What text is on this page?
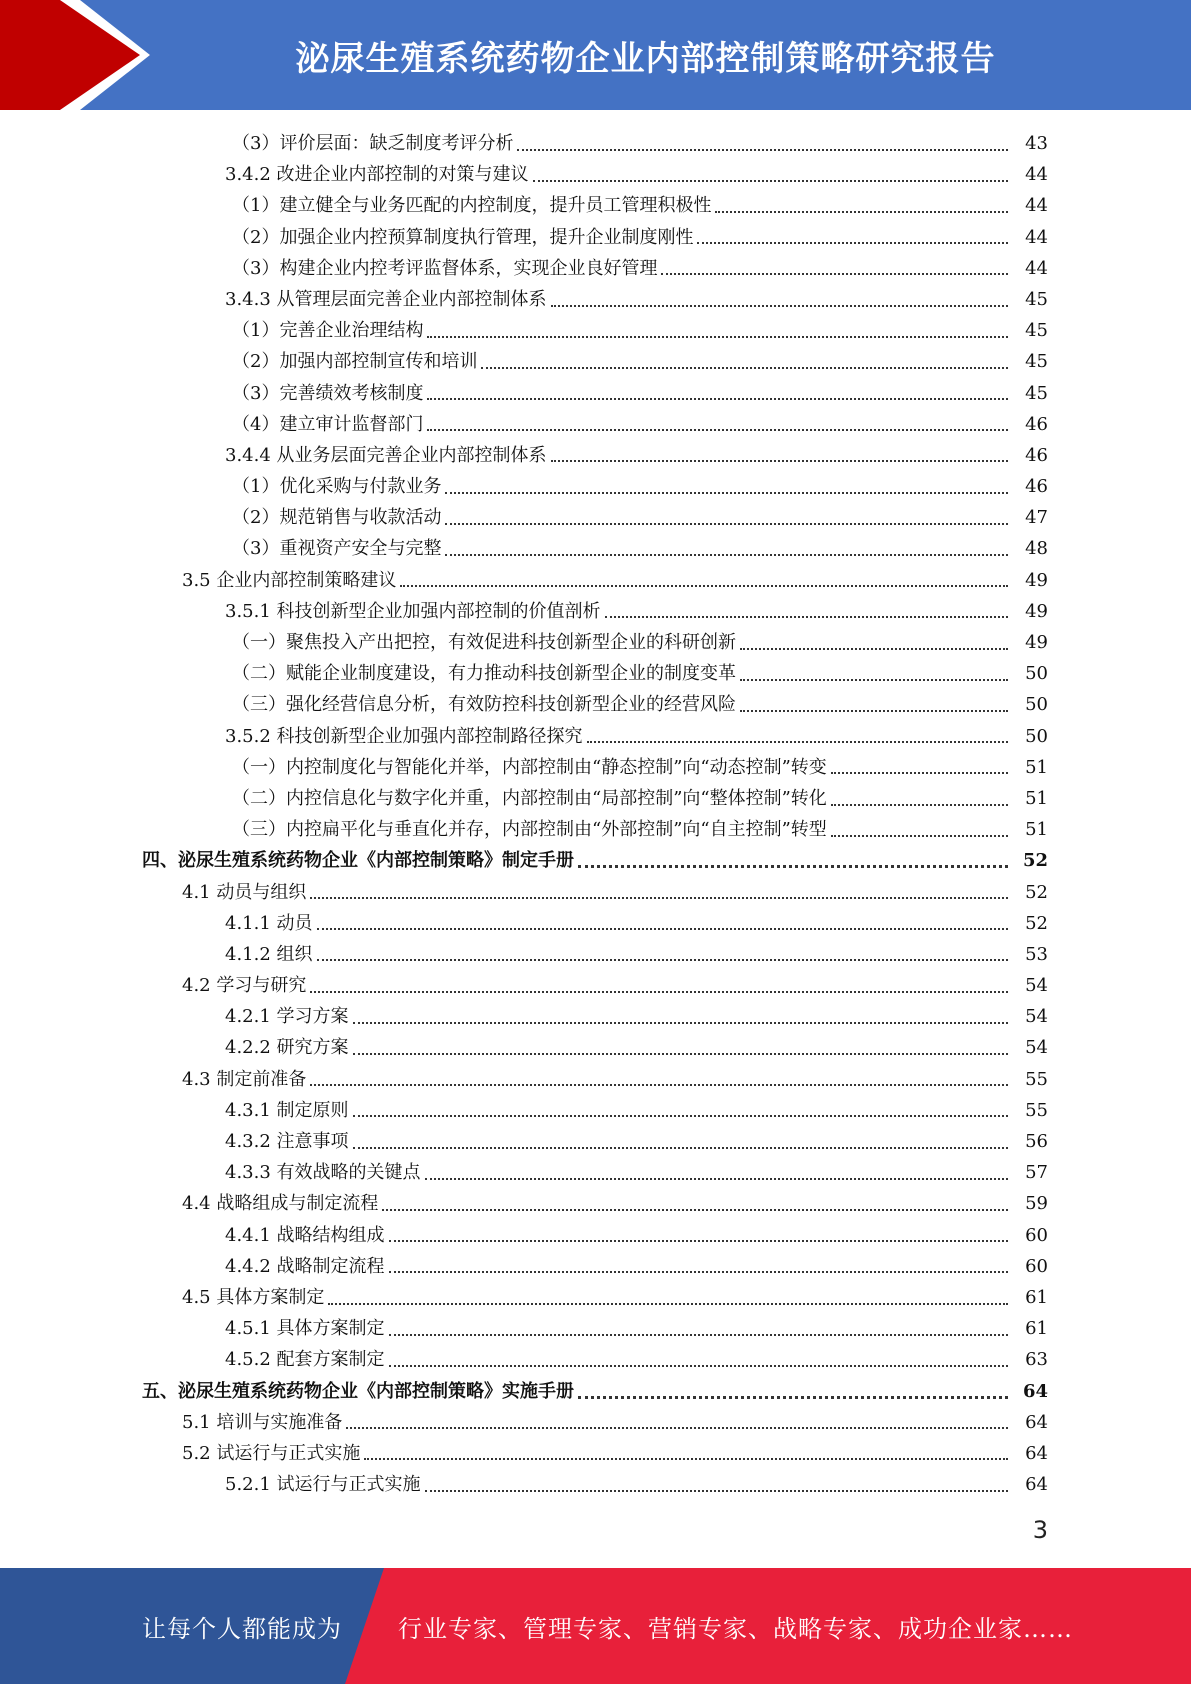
泌尿生殖系统药物企业内部控制策略研究报告
（3）评价层面：缺乏制度考评分析	43
3.4.2 改进企业内部控制的对策与建议	44
（1）建立健全与业务匹配的内控制度，提升员工管理积极性	44
（2）加强企业内控预算制度执行管理，提升企业制度刚性	44
（3）构建企业内控考评监督体系，实现企业良好管理	44
3.4.3 从管理层面完善企业内部控制体系	45
（1）完善企业治理结构	45
（2）加强内部控制宣传和培训	45
（3）完善绩效考核制度	45
（4）建立审计监督部门	46
3.4.4 从业务层面完善企业内部控制体系	46
（1）优化采购与付款业务	46
（2）规范销售与收款活动	47
（3）重视资产安全与完整	48
3.5 企业内部控制策略建议	49
3.5.1 科技创新型企业加强内部控制的价值剖析	49
（一）聚焦投入产出把控，有效促进科技创新型企业的科研创新	49
（二）赋能企业制度建设，有力推动科技创新型企业的制度变革	50
（三）强化经营信息分析，有效防控科技创新型企业的经营风险	50
3.5.2 科技创新型企业加强内部控制路径探究	50
（一）内控制度化与智能化并举，内部控制由“静态控制”向“动态控制”转变	51
（二）内控信息化与数字化并重，内部控制由“局部控制”向“整体控制”转化	51
（三）内控扁平化与垂直化并存，内部控制由“外部控制”向“自主控制”转型	51
四、泌尿生殖系统药物企业《内部控制策略》制定手册	52
4.1 动员与组织	52
4.1.1 动员	52
4.1.2 组织	53
4.2 学习与研究	54
4.2.1 学习方案	54
4.2.2 研究方案	54
4.3 制定前准备	55
4.3.1 制定原则	55
4.3.2 注意事项	56
4.3.3 有效战略的关键点	57
4.4 战略组成与制定流程	59
4.4.1 战略结构组成	60
4.4.2 战略制定流程	60
4.5 具体方案制定	61
4.5.1 具体方案制定	61
4.5.2 配套方案制定	63
五、泌尿生殖系统药物企业《内部控制策略》实施手册	64
5.1 培训与实施准备	64
5.2 试运行与正式实施	64
5.2.1 试运行与正式实施	64
3
让每个人都能成为 行业专家、管理专家、营销专家、战略专家、成功企业家……
